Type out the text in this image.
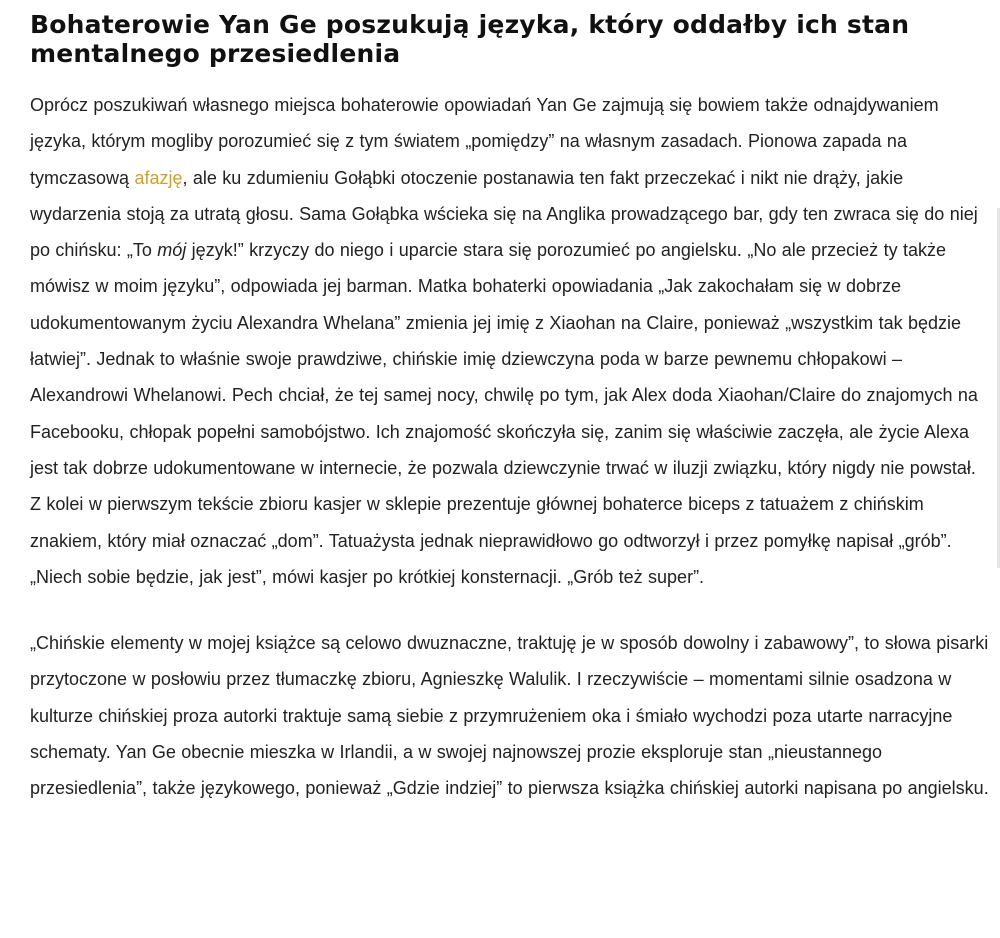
Bohaterowie Yan Ge poszukują języka, który oddałby ich stan mentalnego przesiedlenia

Oprócz poszukiwań własnego miejsca bohaterowie opowiadań Yan Ge zajmują się bowiem także odnajdywaniem języka, którym mogliby porozumieć się z tym światem „pomiędzy” na własnym zasadach. Pionowa zapada na tymczasową afazję, ale ku zdumieniu Gołąbki otoczenie postanawia ten fakt przeczekać i nikt nie drąży, jakie wydarzenia stoją za utratą głosu. Sama Gołąbka wścieka się na Anglika prowadzącego bar, gdy ten zwraca się do niej po chińsku: „To mój język!” krzyczy do niego i uparcie stara się porozumieć po angielsku. „No ale przecież ty także mówisz w moim języku”, odpowiada jej barman. Matka bohaterki opowiadania „Jak zakochałam się w dobrze udokumentowanym życiu Alexandra Whelana” zmienia jej imię z Xiaohan na Claire, ponieważ „wszystkim tak będzie łatwiej”. Jednak to właśnie swoje prawdziwe, chińskie imię dziewczyna poda w barze pewnemu chłopakowi – Alexandrowi Whelanowi. Pech chciał, że tej samej nocy, chwilę po tym, jak Alex doda Xiaohan/Claire do znajomych na Facebooku, chłopak popełni samobójstwo. Ich znajomość skończyła się, zanim się właściwie zaczęła, ale życie Alexa jest tak dobrze udokumentowane w internecie, że pozwala dziewczynie trwać w iluzji związku, który nigdy nie powstał. Z kolei w pierwszym tekście zbioru kasjer w sklepie prezentuje głównej bohaterce biceps z tatuażem z chińskim znakiem, który miał oznaczać „dom”. Tatuażysta jednak nieprawidłowo go odtworzył i przez pomyłkę napisał „grób”. „Niech sobie będzie, jak jest”, mówi kasjer po krótkiej konsternacji. „Grób też super”.

„Chińskie elementy w mojej książce są celowo dwuznaczne, traktuję je w sposób dowolny i zabawowy”, to słowa pisarki przytoczone w posłowiu przez tłumaczkę zbioru, Agnieszkę Walulik. I rzeczywiście – momentami silnie osadzona w kulturze chińskiej proza autorki traktuje samą siebie z przymrużeniem oka i śmiało wychodzi poza utarte narracyjne schematy. Yan Ge obecnie mieszka w Irlandii, a w swojej najnowszej prozie eksploruje stan „nieustannego przesiedlenia”, także językowego, ponieważ „Gdzie indziej” to pierwsza książka chińskiej autorki napisana po angielsku.
